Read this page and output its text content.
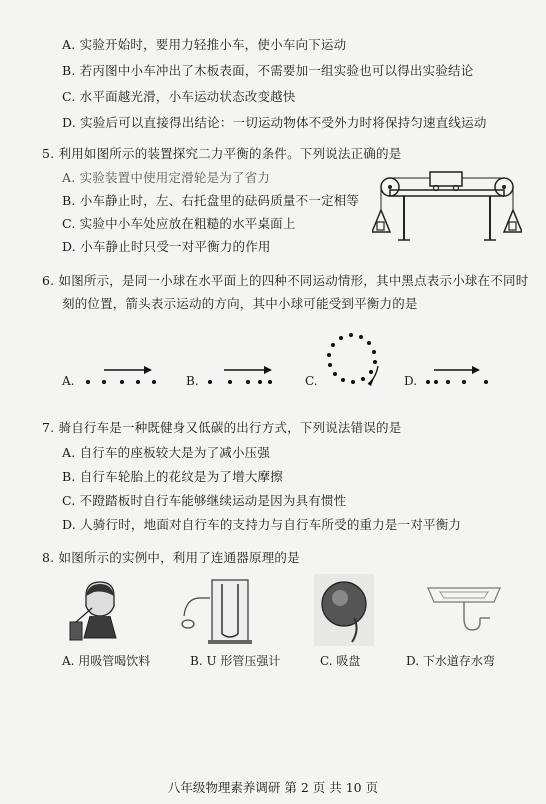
A. 实验开始时，要用力轻推小车，使小车向下运动
B. 若丙图中小车冲出了木板表面，不需要加一组实验也可以得出实验结论
C. 水平面越光滑，小车运动状态改变越快
D. 实验后可以直接得出结论：一切运动物体不受外力时将保持匀速直线运动
5. 利用如图所示的装置探究二力平衡的条件。下列说法正确的是
A. 实验装置中使用定滑轮是为了省力
B. 小车静止时，左、右托盘里的砝码质量不一定相等
C. 实验中小车处应放在粗糙的水平桌面上
D. 小车静止时只受一对平衡力的作用
6. 如图所示，是同一小球在水平面上的四种不同运动情形，其中黑点表示小球在不同时
刻的位置，箭头表示运动的方向，其中小球可能受到平衡力的是
A.	B.	C.	D.
7. 骑自行车是一种既健身又低碳的出行方式，下列说法错误的是
A. 自行车的座板较大是为了减小压强
B. 自行车轮胎上的花纹是为了增大摩擦
C. 不蹬踏板时自行车能够继续运动是因为具有惯性
D. 人骑行时，地面对自行车的支持力与自行车所受的重力是一对平衡力
8. 如图所示的实例中，利用了连通器原理的是
A. 用吸管喝饮料	B. U 形管压强计	C. 吸盘	D. 下水道存水弯
八年级物理素养调研 第 2 页 共 10 页
